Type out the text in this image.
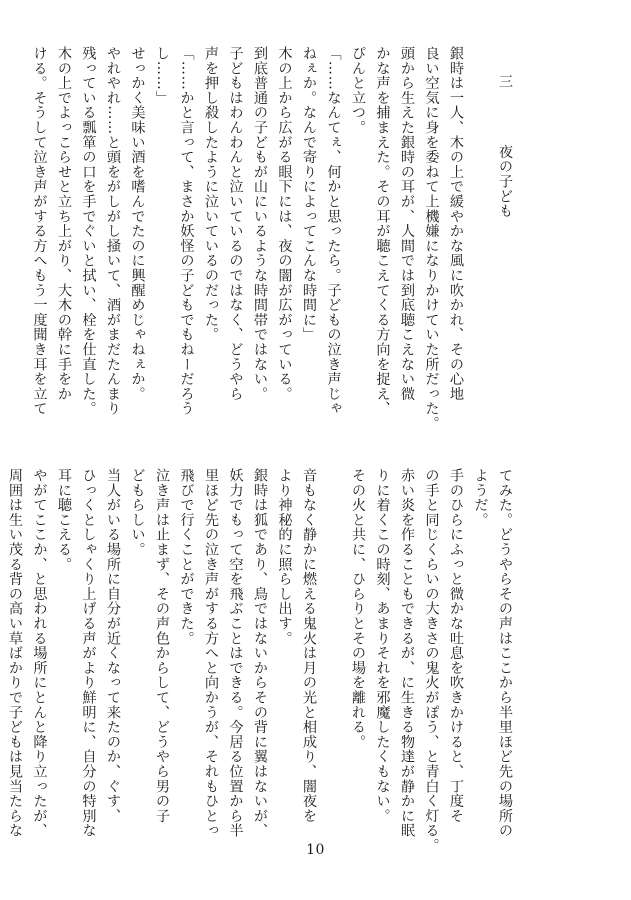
三　　夜の子ども
銀時は一人、木の上で緩やかな風に吹かれ、その心地
良い空気に身を委ねて上機嫌になりかけていた所だった。
頭から生えた銀時の耳が、人間では到底聴こえない微
かな声を捕まえた。その耳が聴こえてくる方向を捉え、
ぴんと立つ。
「……なんてぇ、何かと思ったら。子どもの泣き声じゃ
ねぇか。なんで寄りによってこんな時間に」
木の上から広がる眼下には、夜の闇が広がっている。
到底普通の子どもが山にいるような時間帯ではない。
子どもはわんわんと泣いているのではなく、どうやら
声を押し殺したように泣いているのだった。
「……かと言って、まさか妖怪の子どもでもねーだろう
し……」
せっかく美味い酒を嗜んでたのに興醒めじゃねぇか。
やれやれ……と頭をがしがし掻いて、酒がまだたんまり
残っている瓢箪の口を手でぐいと拭い、栓を仕直した。
木の上でよっこらせと立ち上がり、大木の幹に手をか
ける。そうして泣き声がする方へもう一度聞き耳を立て
てみた。どうやらその声はここから半里ほど先の場所の
ようだ。
手のひらにふっと微かな吐息を吹きかけると、丁度そ
の手と同じくらいの大きさの鬼火がぽう、と青白く灯る。
赤い炎を作ることもできるが、に生きる物達が静かに眠
りに着くこの時刻、あまりそれを邪魔したくもない。
その火と共に、ひらりとその場を離れる。
音もなく静かに燃える鬼火は月の光と相成り、闇夜を
より神秘的に照らし出す。
銀時は狐であり、鳥ではないからその背に翼はないが、
妖力でもって空を飛ぶことはできる。今居る位置から半
里ほど先の泣き声がする方へと向かうが、それもひとっ
飛びで行くことができた。
泣き声は止まず、その声色からして、どうやら男の子
どもらしい。
当人がいる場所に自分が近くなって来たのか、ぐす、
ひっくとしゃくり上げる声がより鮮明に、自分の特別な
耳に聴こえる。
やがてここか、と思われる場所にとんと降り立ったが、
周囲は生い茂る背の高い草ばかりで子どもは見当たらな
10
